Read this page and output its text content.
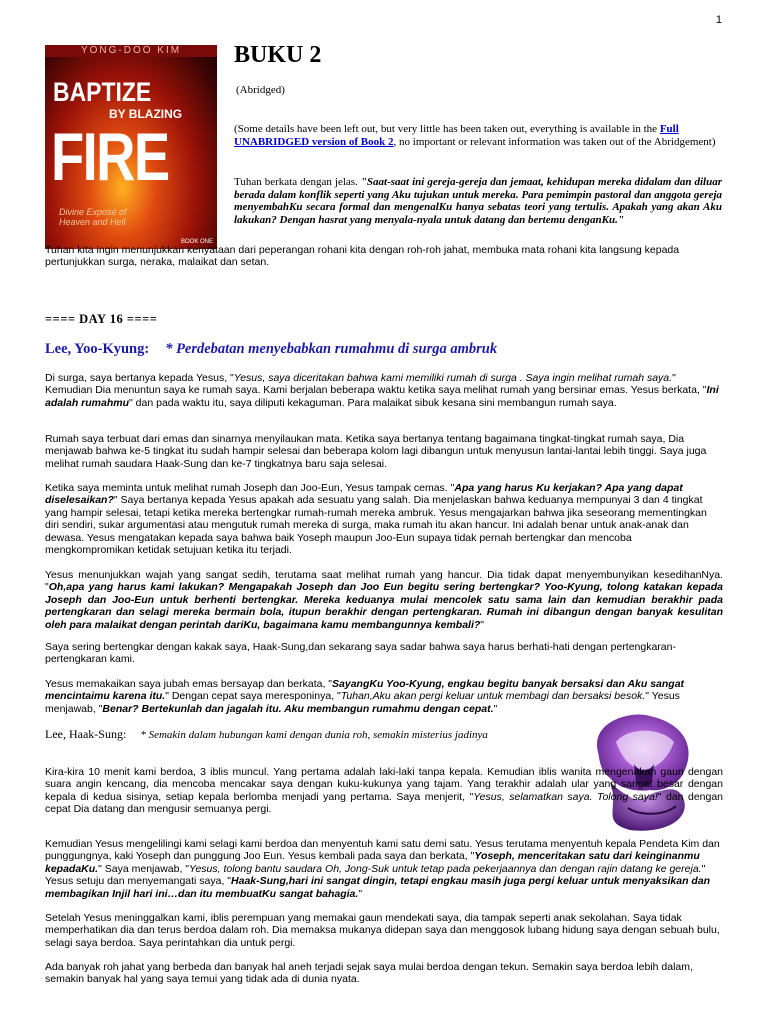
1
YONG-DOO KIM
BAPTIZE
BY BLAZING
FIRE
Divine Exposé of
Heaven and Hell
BOOK ONE
BUKU 2
(Abridged)
(Some details have been left out, but very little has been taken out, everything is available in the Full UNABRIDGED version of Book 2, no important or relevant information was taken out of the Abridgement)
Tuhan berkata dengan jelas. "Saat-saat ini gereja-gereja dan jemaat, kehidupan mereka didalam dan diluar berada dalam konflik seperti yang Aku tujukan untuk mereka. Para pemimpin pastoral dan anggota gereja menyembahKu secara formal dan mengenalKu hanya sebatas teori yang tertulis. Apakah yang akan Aku lakukan? Dengan hasrat yang menyala-nyala untuk datang dan bertemu denganKu."
Tuhan kita ingin menunjukkan kenyataan dari peperangan rohani kita dengan roh-roh jahat, membuka mata rohani kita langsung kepada pertunjukkan surga, neraka, malaikat dan setan.
==== DAY 16 ====
Lee, Yoo-Kyung: * Perdebatan menyebabkan rumahmu di surga ambruk
Di surga, saya bertanya kepada Yesus, "Yesus, saya diceritakan bahwa kami memiliki rumah di surga . Saya ingin melihat rumah saya." Kemudian Dia menuntun saya ke rumah saya. Kami berjalan beberapa waktu ketika saya melihat rumah yang bersinar emas. Yesus berkata, "Ini adalah rumahmu" dan pada waktu itu, saya diliputi kekaguman. Para malaikat sibuk kesana sini membangun rumah saya.
Rumah saya terbuat dari emas dan sinarnya menyilaukan mata. Ketika saya bertanya tentang bagaimana tingkat-tingkat rumah saya, Dia menjawab bahwa ke-5 tingkat itu sudah hampir selesai dan beberapa kolom lagi dibangun untuk menyusun lantai-lantai lebih tinggi. Saya juga melihat rumah saudara Haak-Sung dan ke-7 tingkatnya baru saja selesai.
Ketika saya meminta untuk melihat rumah Joseph dan Joo-Eun, Yesus tampak cemas. "Apa yang harus Ku kerjakan? Apa yang dapat diselesaikan?" Saya bertanya kepada Yesus apakah ada sesuatu yang salah. Dia menjelaskan bahwa keduanya mempunyai 3 dan 4 tingkat yang hampir selesai, tetapi ketika mereka bertengkar rumah-rumah mereka ambruk. Yesus mengajarkan bahwa jika seseorang mementingkan diri sendiri, sukar argumentasi atau mengutuk rumah mereka di surga, maka rumah itu akan hancur. Ini adalah benar untuk anak-anak dan dewasa. Yesus mengatakan kepada saya bahwa baik Yoseph maupun Joo-Eun supaya tidak pernah bertengkar dan mencoba mengkompromikan ketidak setujuan ketika itu terjadi.
Yesus menunjukkan wajah yang sangat sedih, terutama saat melihat rumah yang hancur. Dia tidak dapat menyembunyikan kesedihanNya. "Oh,apa yang harus kami lakukan? Mengapakah Joseph dan Joo Eun begitu sering bertengkar? Yoo-Kyung, tolong katakan kepada Joseph dan Joo-Eun untuk berhenti bertengkar. Mereka keduanya mulai mencolek satu sama lain dan kemudian berakhir pada pertengkaran dan selagi mereka bermain bola, itupun berakhir dengan pertengkaran. Rumah ini dibangun dengan banyak kesulitan oleh para malaikat dengan perintah dariKu, bagaimana kamu membangunnya kembali?"
Saya sering bertengkar dengan kakak saya, Haak-Sung,dan sekarang saya sadar bahwa saya harus berhati-hati dengan pertengkaran-pertengkaran kami.
Yesus memakaikan saya jubah emas bersayap dan berkata, "SayangKu Yoo-Kyung, engkau begitu banyak bersaksi dan Aku sangat mencintaimu karena itu." Dengan cepat saya meresponinya, "Tuhan,Aku akan pergi keluar untuk membagi dan bersaksi besok." Yesus menjawab, "Benar? Bertekunlah dan jagalah itu. Aku membangun rumahmu dengan cepat."
Lee, Haak-Sung: * Semakin dalam hubungan kami dengan dunia roh, semakin misterius jadinya
Kira-kira 10 menit kami berdoa, 3 iblis muncul. Yang pertama adalah laki-laki tanpa kepala. Kemudian iblis wanita mengenakan gaun dengan suara angin kencang, dia mencoba mencakar saya dengan kuku-kukunya yang tajam. Yang terakhir adalah ular yang sangat besar dengan kepala di kedua sisinya, setiap kepala berlomba menjadi yang pertama. Saya menjerit, "Yesus, selamatkan saya. Tolong saya!" dan dengan cepat Dia datang dan mengusir semuanya pergi.
Kemudian Yesus mengelilingi kami selagi kami berdoa dan menyentuh kami satu demi satu. Yesus terutama menyentuh kepala Pendeta Kim dan punggungnya, kaki Yoseph dan punggung Joo Eun. Yesus kembali pada saya dan berkata, "Yoseph, menceritakan satu dari keinginanmu kepadaKu." Saya menjawab, "Yesus, tolong bantu saudara Oh, Jong-Suk untuk tetap pada pekerjaannya dan dengan rajin datang ke gereja." Yesus setuju dan menyemangati saya, "Haak-Sung,hari ini sangat dingin, tetapi engkau masih juga pergi keluar untuk menyaksikan dan membagikan Injil hari ini…dan itu membuatKu sangat bahagia."
Setelah Yesus meninggalkan kami, iblis perempuan yang memakai gaun mendekati saya, dia tampak seperti anak sekolahan. Saya tidak memperhatikan dia dan terus berdoa dalam roh. Dia memaksa mukanya didepan saya dan menggosok lubang hidung saya dengan sebuah bulu, selagi saya berdoa. Saya perintahkan dia untuk pergi.
Ada banyak roh jahat yang berbeda dan banyak hal aneh terjadi sejak saya mulai berdoa dengan tekun. Semakin saya berdoa lebih dalam, semakin banyak hal yang saya temui yang tidak ada di dunia nyata.
